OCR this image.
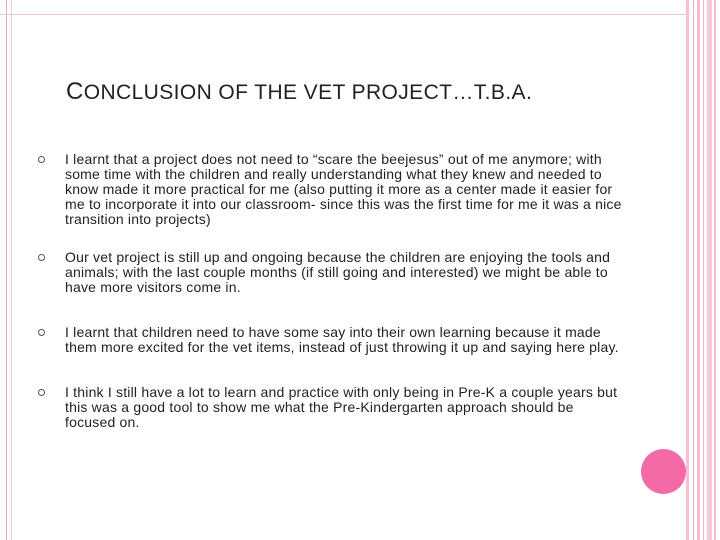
CONCLUSION OF THE VET PROJECT…T.B.A.
I learnt that a project does not need to “scare the beejesus” out of me anymore; with some time with the children and really understanding what they knew and needed to know made it more practical for me (also putting it more as a center made it easier for me to incorporate it into our classroom- since this was the first time for me it was a nice transition into projects)
Our vet project is still up and ongoing because the children are enjoying the tools and animals; with the last couple months (if still going and interested) we might be able to have more visitors come in.
I learnt that children need to have some say into their own learning because it made them more excited for the vet items, instead of just throwing it up and saying here play.
I think I still have a lot to learn and practice with only being in Pre-K a couple years but this was a good tool to show me what the Pre-Kindergarten approach should be focused on.
